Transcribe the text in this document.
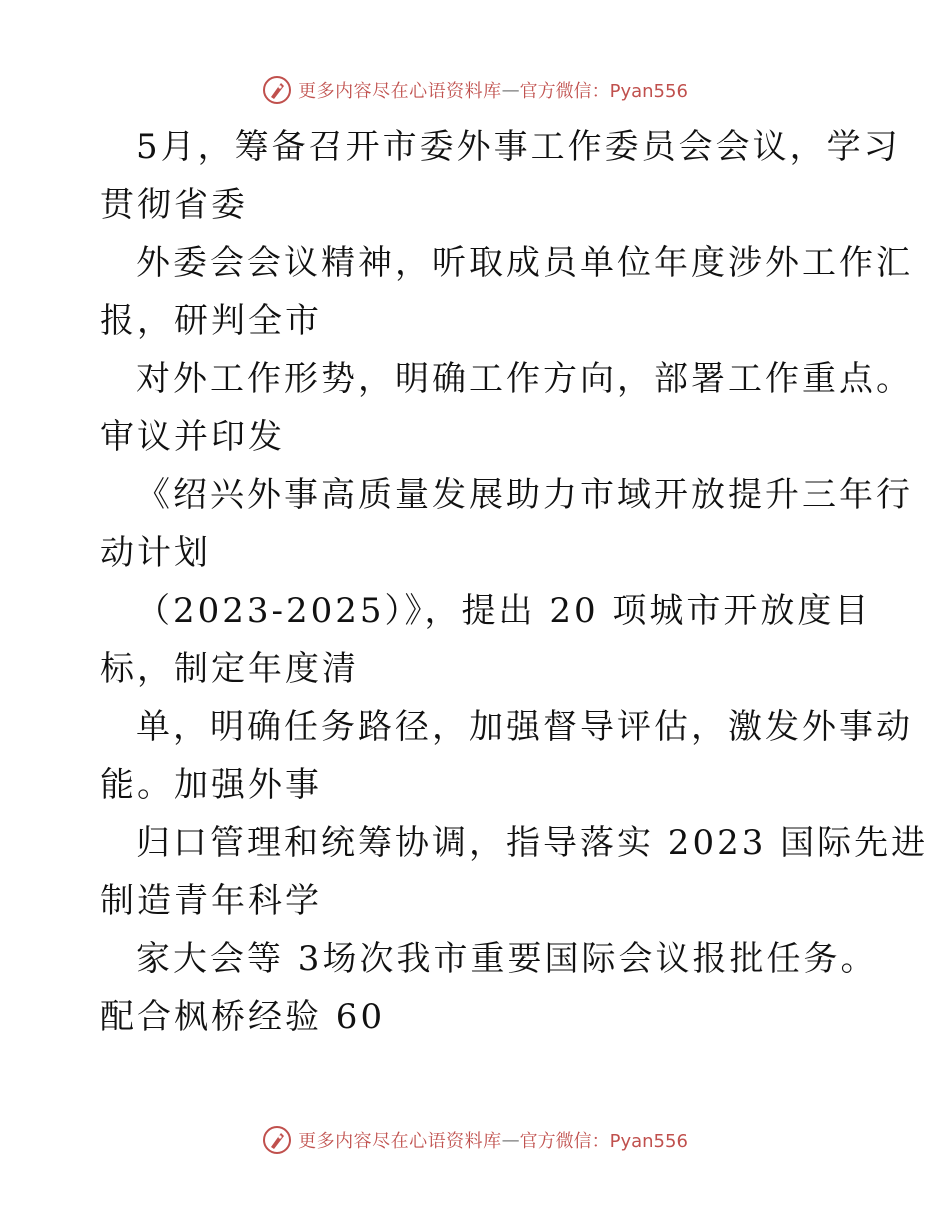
更多内容尽在心语资料库 — 官方微信：Pyan556
5月，筹备召开市委外事工作委员会会议，学习
贯彻省委
外委会会议精神，听取成员单位年度涉外工作汇
报，研判全市
对外工作形势，明确工作方向，部署工作重点。
审议并印发
《绍兴外事高质量发展助力市域开放提升三年行
动计划
（2023-2025）》，提出 20 项城市开放度目
标，制定年度清
单，明确任务路径，加强督导评估，激发外事动
能。加强外事
归口管理和统筹协调，指导落实 2023 国际先进
制造青年科学
家大会等 3场次我市重要国际会议报批任务。
配合枫桥经验 60
更多内容尽在心语资料库 — 官方微信：Pyan556
